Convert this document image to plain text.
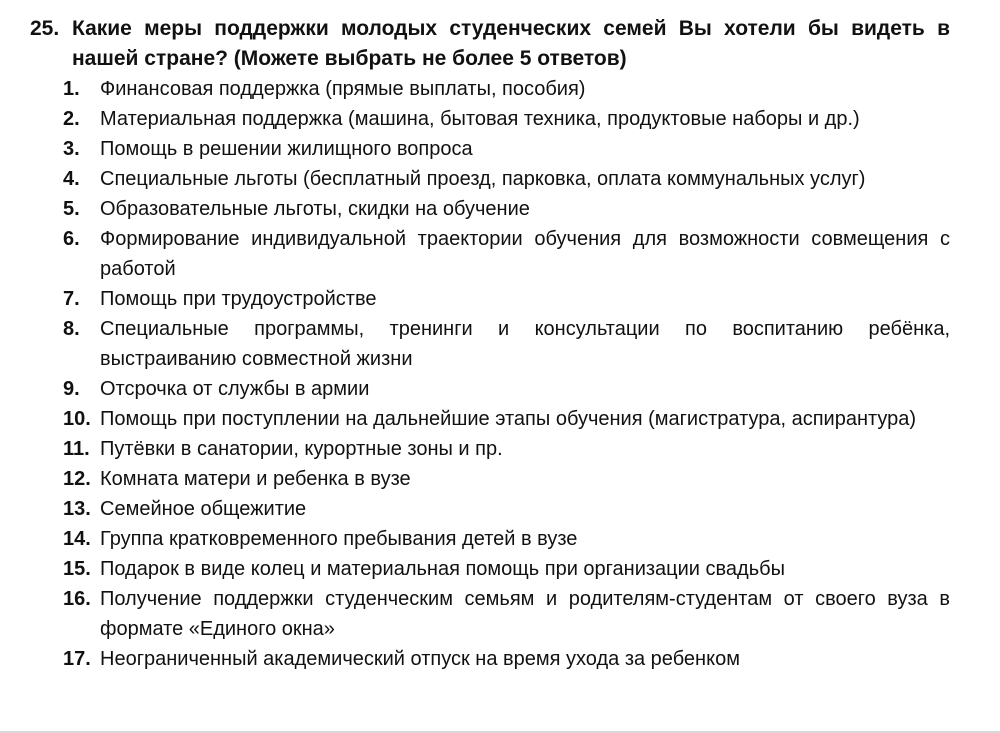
25. Какие меры поддержки молодых студенческих семей Вы хотели бы видеть в нашей стране? (Можете выбрать не более 5 ответов)
1.	Финансовая поддержка (прямые выплаты, пособия)
2.	Материальная поддержка (машина, бытовая техника, продуктовые наборы и др.)
3.	Помощь в решении жилищного вопроса
4.	Специальные льготы (бесплатный проезд, парковка, оплата коммунальных услуг)
5.	Образовательные льготы, скидки на обучение
6.	Формирование индивидуальной траектории обучения для возможности совмещения с работой
7.	Помощь при трудоустройстве
8.	Специальные программы, тренинги и консультации по воспитанию ребёнка, выстраиванию совместной жизни
9.	Отсрочка от службы в армии
10. Помощь при поступлении на дальнейшие этапы обучения (магистратура, аспирантура)
11. Путёвки в санатории, курортные зоны и пр.
12. Комната матери и ребенка в вузе
13. Семейное общежитие
14. Группа кратковременного пребывания детей в вузе
15. Подарок в виде колец и материальная помощь при организации свадьбы
16. Получение поддержки студенческим семьям и родителям-студентам от своего вуза в формате «Единого окна»
17. Неограниченный академический отпуск на время ухода за ребенком
